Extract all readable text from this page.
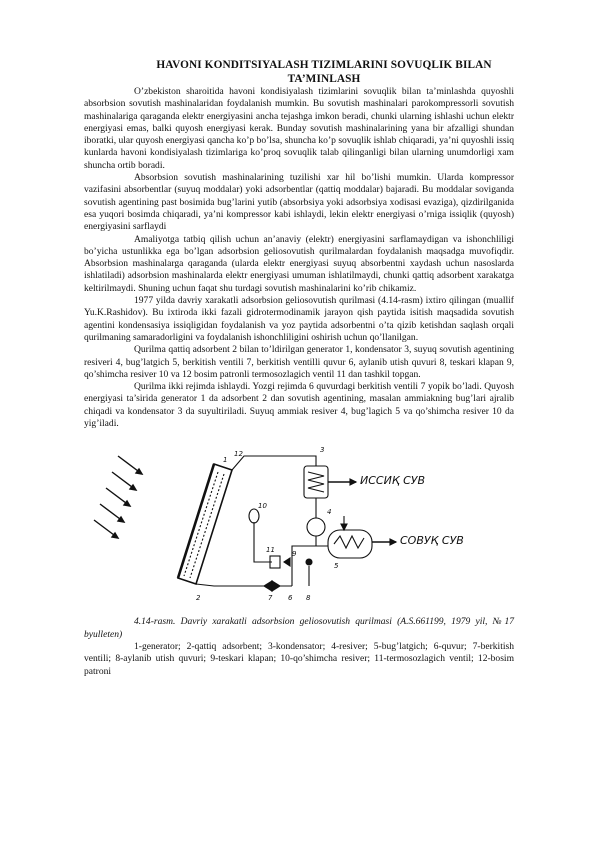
HAVONI KONDITSIYALASH TIZIMLARINI SOVUQLIK BILAN TA’MINLASH

O’zbekiston sharoitida havoni kondisiyalash tizimlarini sovuqlik bilan ta’minlashda quyoshli absorbsion sovutish mashinalaridan foydalanish mumkin. Bu sovutish mashinalari parokompressorli sovutish mashinalariga qaraganda elektr energiyasini ancha tejashga imkon beradi, chunki ularning ishlashi uchun elektr energiyasi emas, balki quyosh energiyasi kerak. Bunday sovutish mashinalarining yana bir afzalligi shundan iboratki, ular quyosh energiyasi qancha ko’p bo’lsa, shuncha ko’p sovuqlik ishlab chiqaradi, ya’ni quyoshli issiq kunlarda havoni kondisiyalash tizimlariga ko’proq sovuqlik talab qilinganligi bilan ularning unumdorligi xam shuncha ortib boradi.

Absorbsion sovutish mashinalarining tuzilishi xar hil bo’lishi mumkin. Ularda kompressor vazifasini absorbentlar (suyuq moddalar) yoki adsorbentlar (qattiq moddalar) bajaradi. Bu moddalar soviganda sovutish agentining past bosimida bug’larini yutib (absorbsiya yoki adsorbsiya xodisasi evaziga), qizdirilganida esa yuqori bosimda chiqaradi, ya’ni kompressor kabi ishlaydi, lekin elektr energiyasi o’rniga issiqlik (quyosh) energiyasini sarflaydi

Amaliyotga tatbiq qilish uchun an’anaviy (elektr) energiyasini sarflamaydigan va ishonchliligi bo’yicha ustunlikka ega bo’lgan adsorbsion geliosovutish qurilmalardan foydalanish maqsadga muvofiqdir. Absorbsion mashinalarga qaraganda (ularda elektr energiyasi suyuq absorbentni xaydash uchun nasoslarda ishlatiladi) adsorbsion mashinalarda elektr energiyasi umuman ishlatilmaydi, chunki qattiq adsorbent xarakatga keltirilmaydi. Shuning uchun faqat shu turdagi sovutish mashinalarini ko’rib chikamiz.

1977 yilda davriy xarakatli adsorbsion geliosovutish qurilmasi (4.14-rasm) ixtiro qilingan (muallif Yu.K.Rashidov). Bu ixtiroda ikki fazali gidrotermodinamik jarayon qish paytida isitish maqsadida sovutish agentini kondensasiya issiqligidan foydalanish va yoz paytida adsorbentni o’ta qizib ketishdan saqlash orqali qurilmaning samaradorligini va foydalanish ishonchliligini oshirish uchun qo’llanilgan.

Qurilma qattiq adsorbent 2 bilan to’ldirilgan generator 1, kondensator 3, suyuq sovutish agentining resiveri 4, bug’latgich 5, berkitish ventili 7, berkitish ventilli quvur 6, aylanib utish quvuri 8, teskari klapan 9, qo’shimcha resiver 10 va 12 bosim patronli termosozlagich ventil 11 dan tashkil topgan.

Qurilma ikki rejimda ishlaydi. Yozgi rejimda 6 quvurdagi berkitish ventili 7 yopik bo’ladi. Quyosh energiyasi ta’sirida generator 1 da adsorbent 2 dan sovutish agentining, masalan ammiakning bug’lari ajralib chiqadi va kondensator 3 da suyultiriladi. Suyuq ammiak resiver 4, bug’lagich 5 va qo’shimcha resiver 10 da yig’iladi.

ИССИҚ СУВ
СОВУҚ СУВ
1
2
3
4
5
6
7	8
9
10
11
12

4.14-rasm. Davriy xarakatli adsorbsion geliosovutish qurilmasi (A.S.661199, 1979 yil, №17 byulleten)

1-generator; 2-qattiq adsorbent; 3-kondensator; 4-resiver; 5-bug’latgich; 6-quvur; 7-berkitish ventili; 8-aylanib utish quvuri; 9-teskari klapan; 10-qo’shimcha resiver; 11-termosozlagich ventil; 12-bosim patroni
